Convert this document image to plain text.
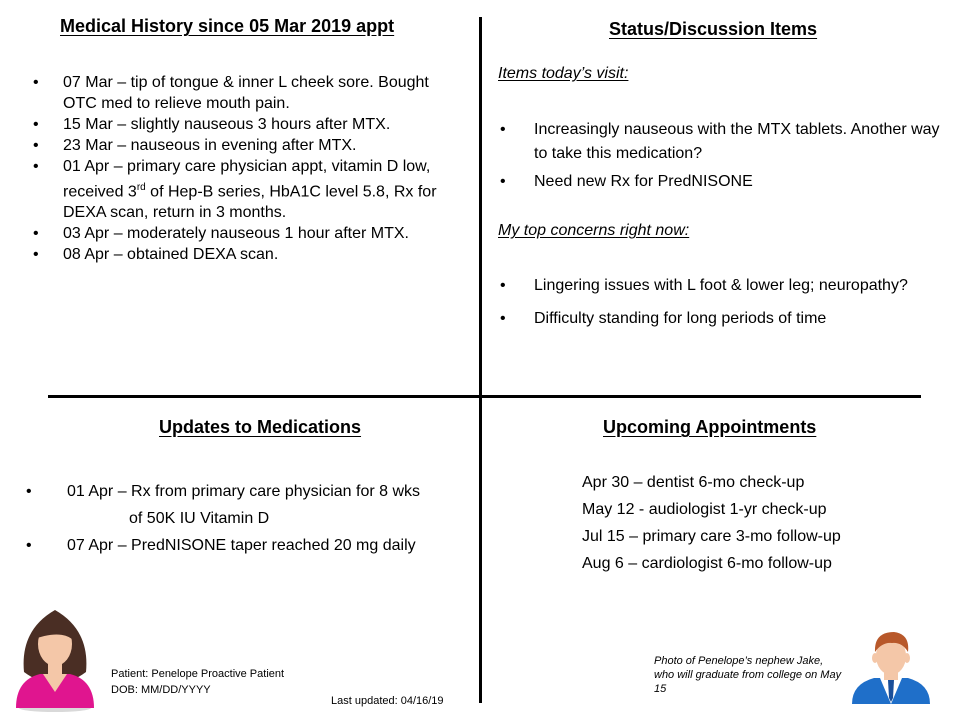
Medical History since 05 Mar 2019 appt
• 07 Mar – tip of tongue & inner L cheek sore. Bought OTC med to relieve mouth pain.
• 15 Mar – slightly nauseous 3 hours after MTX.
• 23 Mar – nauseous in evening after MTX.
• 01 Apr – primary care physician appt, vitamin D low, received 3rd of Hep-B series, HbA1C level 5.8, Rx for DEXA scan, return in 3 months.
• 03 Apr – moderately nauseous 1 hour after MTX.
• 08 Apr – obtained DEXA scan.
Status/Discussion Items
Items today’s visit:
• Increasingly nauseous with the MTX tablets. Another way to take this medication?
• Need new Rx for PredNISONE
My top concerns right now:
• Lingering issues with L foot & lower leg; neuropathy?
• Difficulty standing for long periods of time
Updates to Medications
• 01 Apr – Rx from primary care physician for 8 wks
of 50K IU Vitamin D
• 07 Apr – PredNISONE taper reached 20 mg daily
Upcoming Appointments
Apr 30 – dentist 6-mo check-up
May 12 - audiologist 1-yr check-up
Jul 15 – primary care 3-mo follow-up
Aug 6 – cardiologist 6-mo follow-up
Patient: Penelope Proactive Patient
DOB: MM/DD/YYYY
Last updated: 04/16/19
Photo of Penelope’s nephew Jake, who will graduate from college on May 15
